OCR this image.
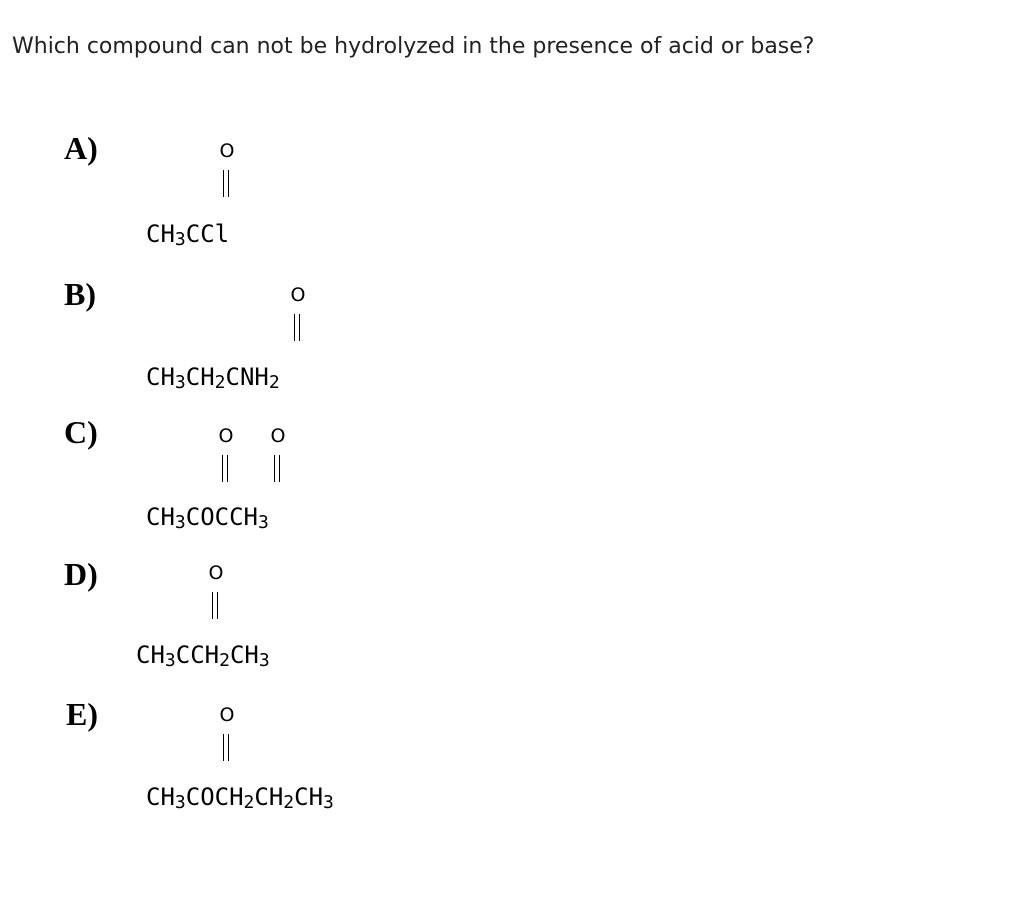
Which compound can not be hydrolyzed in the presence of acid or base?
A)	O
$CH_3CCl$
B)	O
$CH_3CH_2CNH_2$
C)	O O
$CH_3COCCH_3$
D)	O
$CH_3CCH_2CH_3$
E)	O
$CH_3COCH_2CH_2CH_3$
